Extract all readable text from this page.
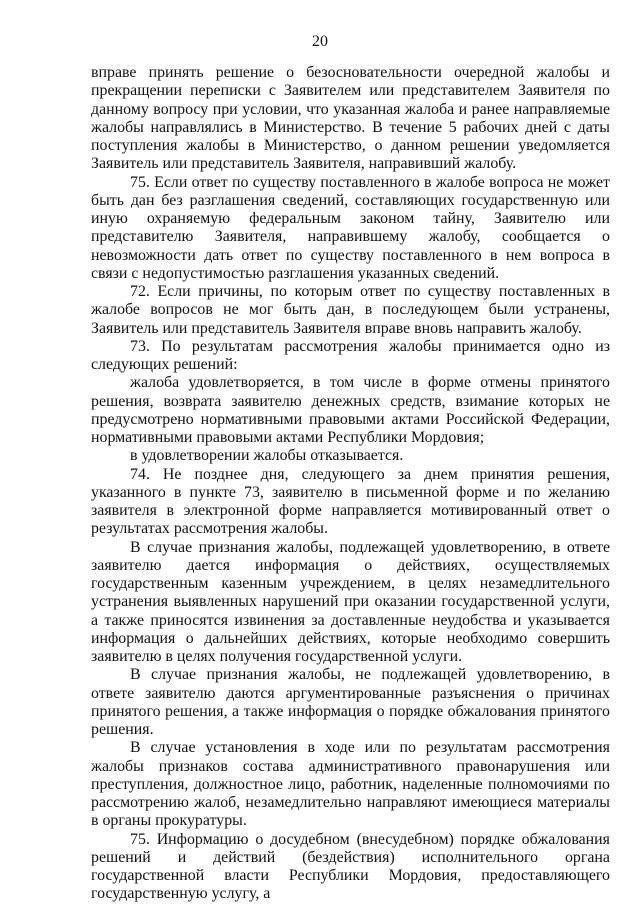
20

вправе принять решение о безосновательности очередной жалобы и прекращении переписки с Заявителем или представителем Заявителя по данному вопросу при условии, что указанная жалоба и ранее направляемые жалобы направлялись в Министерство. В течение 5 рабочих дней с даты поступления жалобы в Министерство, о данном решении уведомляется Заявитель или представитель Заявителя, направивший жалобу.

75. Если ответ по существу поставленного в жалобе вопроса не может быть дан без разглашения сведений, составляющих государственную или иную охраняемую федеральным законом тайну, Заявителю или представителю Заявителя, направившему жалобу, сообщается о невозможности дать ответ по существу поставленного в нем вопроса в связи с недопустимостью разглашения указанных сведений.

72. Если причины, по которым ответ по существу поставленных в жалобе вопросов не мог быть дан, в последующем были устранены, Заявитель или представитель Заявителя вправе вновь направить жалобу.

73. По результатам рассмотрения жалобы принимается одно из следующих решений:

жалоба удовлетворяется, в том числе в форме отмены принятого решения, возврата заявителю денежных средств, взимание которых не предусмотрено нормативными правовыми актами Российской Федерации, нормативными правовыми актами Республики Мордовия;

в удовлетворении жалобы отказывается.

74. Не позднее дня, следующего за днем принятия решения, указанного в пункте 73, заявителю в письменной форме и по желанию заявителя в электронной форме направляется мотивированный ответ о результатах рассмотрения жалобы.

В случае признания жалобы, подлежащей удовлетворению, в ответе заявителю дается информация о действиях, осуществляемых государственным казенным учреждением, в целях незамедлительного устранения выявленных нарушений при оказании государственной услуги, а также приносятся извинения за доставленные неудобства и указывается информация о дальнейших действиях, которые необходимо совершить заявителю в целях получения государственной услуги.

В случае признания жалобы, не подлежащей удовлетворению, в ответе заявителю даются аргументированные разъяснения о причинах принятого решения, а также информация о порядке обжалования принятого решения.

В случае установления в ходе или по результатам рассмотрения жалобы признаков состава административного правонарушения или преступления, должностное лицо, работник, наделенные полномочиями по рассмотрению жалоб, незамедлительно направляют имеющиеся материалы в органы прокуратуры.

75. Информацию о досудебном (внесудебном) порядке обжалования решений и действий (бездействия) исполнительного органа государственной власти Республики Мордовия, предоставляющего государственную услугу, а
